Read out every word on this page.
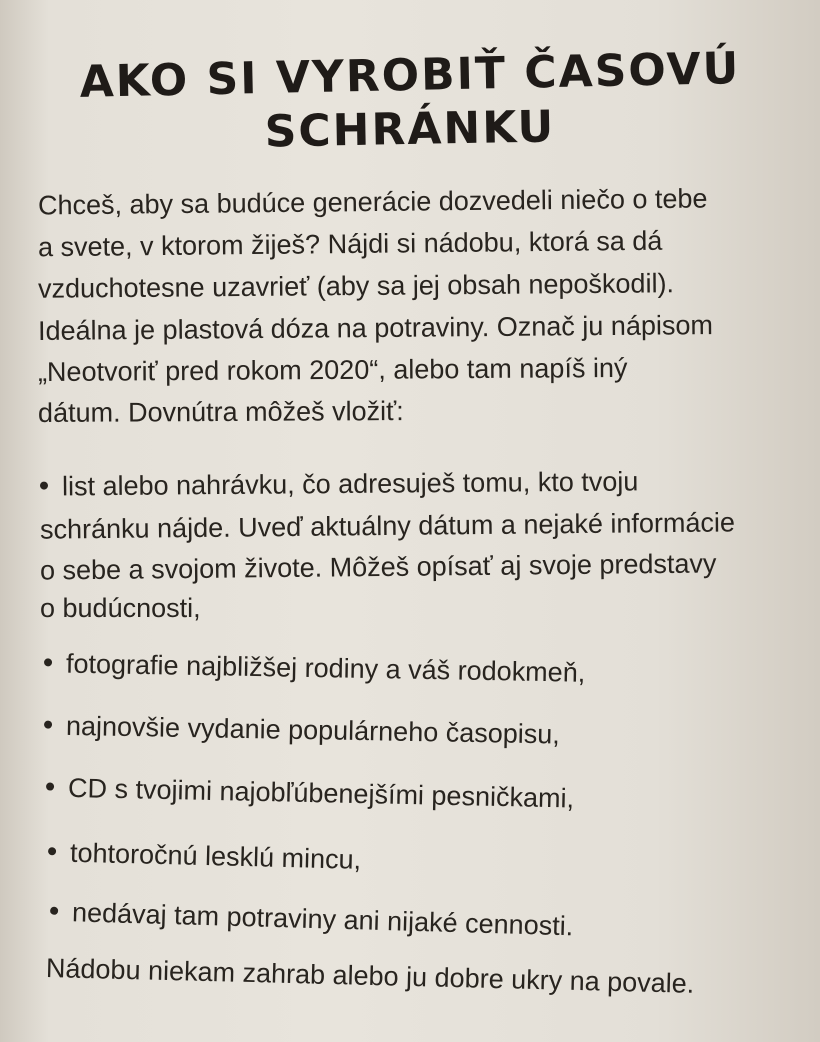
AKO SI VYROBIŤ ČASOVÚ
SCHRÁNKU
Chceš, aby sa budúce generácie dozvedeli niečo o tebe
a svete, v ktorom žiješ? Nájdi si nádobu, ktorá sa dá
vzduchotesne uzavrieť (aby sa jej obsah nepoškodil).
Ideálna je plastová dóza na potraviny. Označ ju nápisom
„Neotvoriť pred rokom 2020“, alebo tam napíš iný
dátum. Dovnútra môžeš vložiť:
list alebo nahrávku, čo adresuješ tomu, kto tvoju
schránku nájde. Uveď aktuálny dátum a nejaké informácie
o sebe a svojom živote. Môžeš opísať aj svoje predstavy
o budúcnosti,
fotografie najbližšej rodiny a váš rodokmeň,
najnovšie vydanie populárneho časopisu,
CD s tvojimi najobľúbenejšími pesničkami,
tohtoročnú lesklú mincu,
nedávaj tam potraviny ani nijaké cennosti.
Nádobu niekam zahrab alebo ju dobre ukry na povale.
